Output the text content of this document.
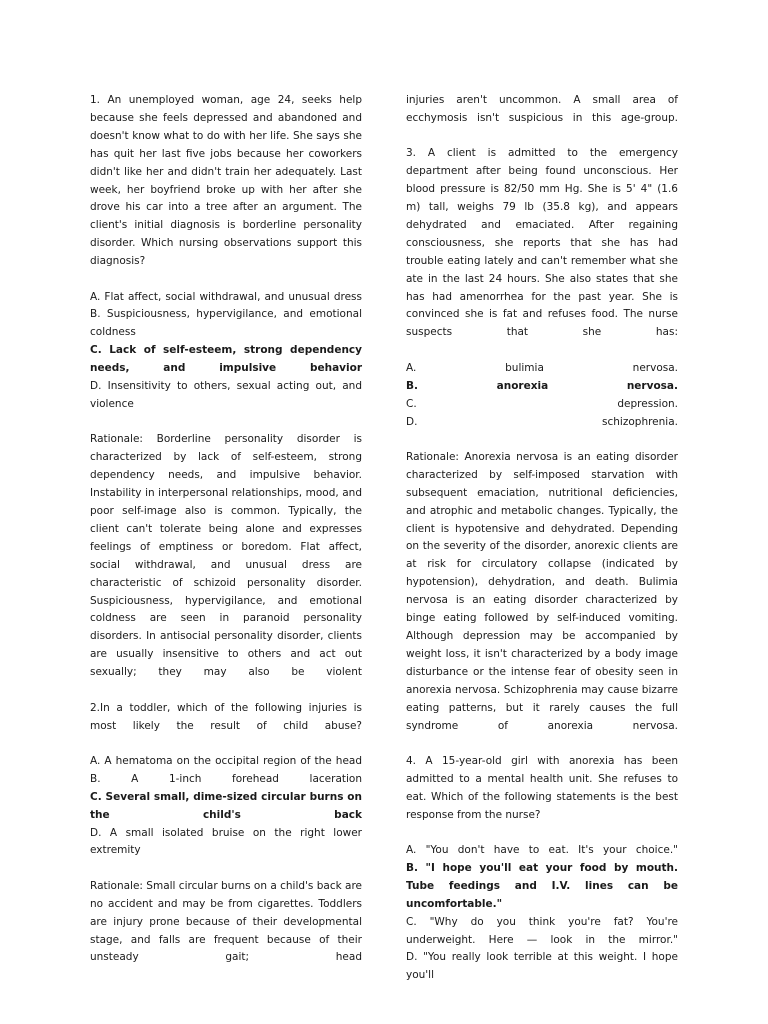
1. An unemployed woman, age 24, seeks help because she feels depressed and abandoned and doesn't know what to do with her life. She says she has quit her last five jobs because her coworkers didn't like her and didn't train her adequately. Last week, her boyfriend broke up with her after she drove his car into a tree after an argument. The client's initial diagnosis is borderline personality disorder. Which nursing observations support this diagnosis?

A. Flat affect, social withdrawal, and unusual dress

B. Suspiciousness, hypervigilance, and emotional coldness

C. Lack of self-esteem, strong dependency needs, and impulsive behavior

D. Insensitivity to others, sexual acting out, and violence

Rationale: Borderline personality disorder is characterized by lack of self-esteem, strong dependency needs, and impulsive behavior. Instability in interpersonal relationships, mood, and poor self-image also is common. Typically, the client can't tolerate being alone and expresses feelings of emptiness or boredom. Flat affect, social withdrawal, and unusual dress are characteristic of schizoid personality disorder. Suspiciousness, hypervigilance, and emotional coldness are seen in paranoid personality disorders. In antisocial personality disorder, clients are usually insensitive to others and act out sexually; they may also be violent

2.In a toddler, which of the following injuries is most likely the result of child abuse?

A. A hematoma on the occipital region of the head

B. A 1-inch forehead laceration

C. Several small, dime-sized circular burns on the child's back

D. A small isolated bruise on the right lower extremity

Rationale: Small circular burns on a child's back are no accident and may be from cigarettes. Toddlers are injury prone because of their developmental stage, and falls are frequent because of their unsteady gait; head

injuries aren't uncommon. A small area of ecchymosis isn't suspicious in this age-group.

3. A client is admitted to the emergency department after being found unconscious. Her blood pressure is 82/50 mm Hg. She is 5' 4" (1.6 m) tall, weighs 79 lb (35.8 kg), and appears dehydrated and emaciated. After regaining consciousness, she reports that she has had trouble eating lately and can't remember what she ate in the last 24 hours. She also states that she has had amenorrhea for the past year. She is convinced she is fat and refuses food. The nurse suspects that she has:

A. bulimia nervosa.

B. anorexia nervosa.

C. depression.

D. schizophrenia.

Rationale: Anorexia nervosa is an eating disorder characterized by self-imposed starvation with subsequent emaciation, nutritional deficiencies, and atrophic and metabolic changes. Typically, the client is hypotensive and dehydrated. Depending on the severity of the disorder, anorexic clients are at risk for circulatory collapse (indicated by hypotension), dehydration, and death. Bulimia nervosa is an eating disorder characterized by binge eating followed by self-induced vomiting. Although depression may be accompanied by weight loss, it isn't characterized by a body image disturbance or the intense fear of obesity seen in anorexia nervosa. Schizophrenia may cause bizarre eating patterns, but it rarely causes the full syndrome of anorexia nervosa.

4. A 15-year-old girl with anorexia has been admitted to a mental health unit. She refuses to eat. Which of the following statements is the best response from the nurse?

A. "You don't have to eat. It's your choice."

B. "I hope you'll eat your food by mouth. Tube feedings and I.V. lines can be uncomfortable."

C. "Why do you think you're fat? You're underweight. Here — look in the mirror."

D. "You really look terrible at this weight. I hope you'll
